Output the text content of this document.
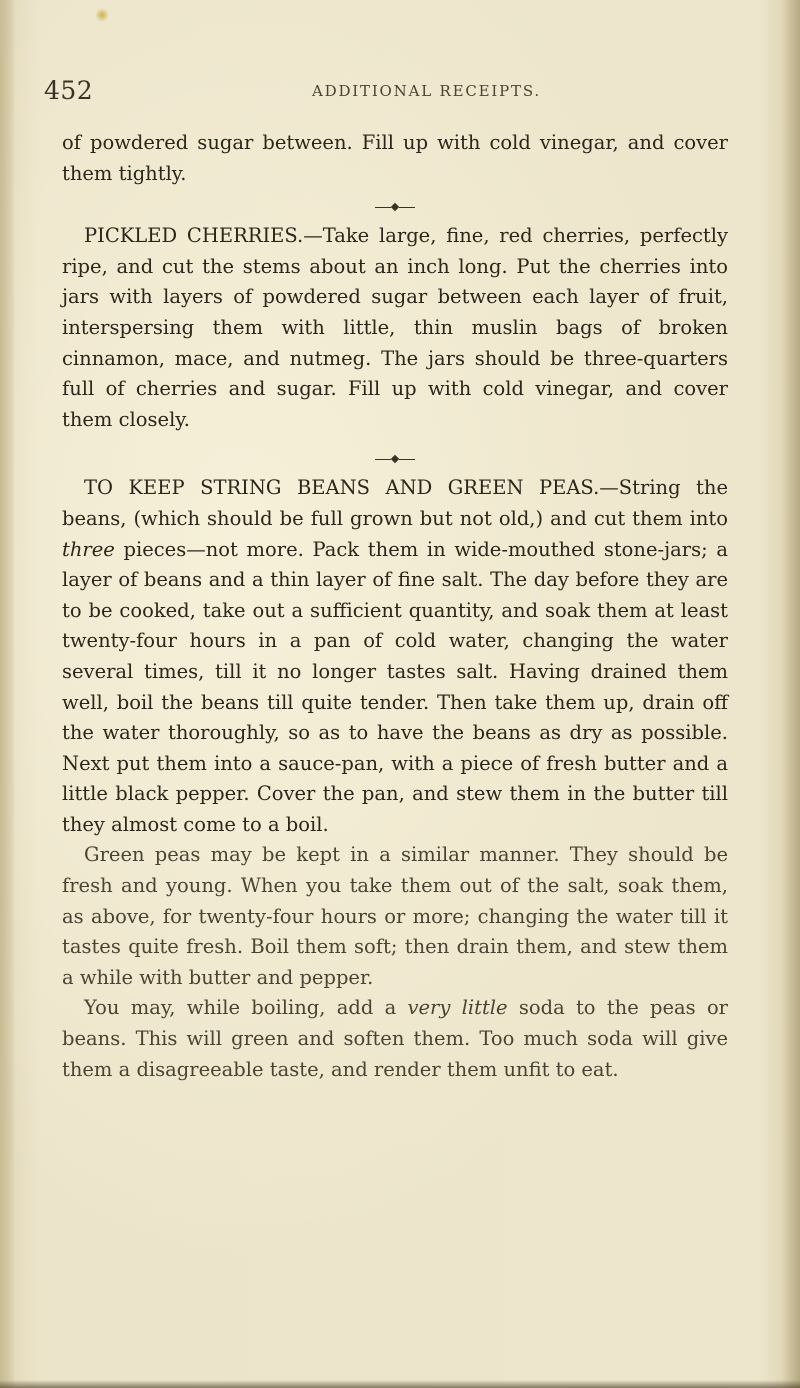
452	ADDITIONAL RECEIPTS.

of powdered sugar between. Fill up with cold vinegar, and cover them tightly.

PICKLED CHERRIES.—Take large, fine, red cherries, perfectly ripe, and cut the stems about an inch long. Put the cherries into jars with layers of powdered sugar between each layer of fruit, interspersing them with little, thin muslin bags of broken cinnamon, mace, and nutmeg. The jars should be three-quarters full of cherries and sugar. Fill up with cold vinegar, and cover them closely.

TO KEEP STRING BEANS AND GREEN PEAS.—String the beans, (which should be full grown but not old,) and cut them into three pieces—not more. Pack them in wide-mouthed stone-jars; a layer of beans and a thin layer of fine salt. The day before they are to be cooked, take out a sufficient quantity, and soak them at least twenty-four hours in a pan of cold water, changing the water several times, till it no longer tastes salt. Having drained them well, boil the beans till quite tender. Then take them up, drain off the water thoroughly, so as to have the beans as dry as possible. Next put them into a sauce-pan, with a piece of fresh butter and a little black pepper. Cover the pan, and stew them in the butter till they almost come to a boil.

Green peas may be kept in a similar manner. They should be fresh and young. When you take them out of the salt, soak them, as above, for twenty-four hours or more; changing the water till it tastes quite fresh. Boil them soft; then drain them, and stew them a while with butter and pepper.

You may, while boiling, add a very little soda to the peas or beans. This will green and soften them. Too much soda will give them a disagreeable taste, and render them unfit to eat.
